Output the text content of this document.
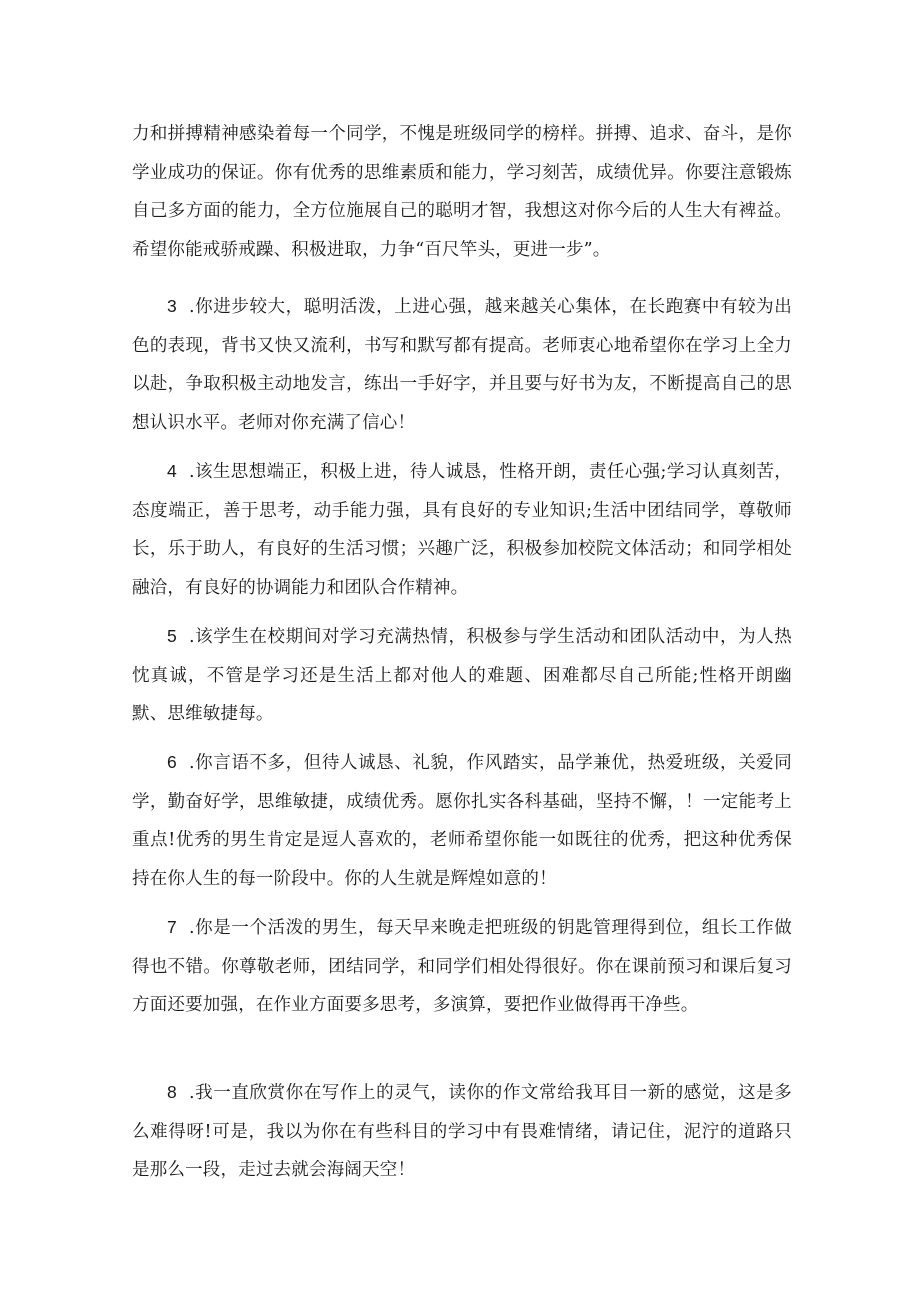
力和拼搏精神感染着每一个同学，不愧是班级同学的榜样。拼搏、追求、奋斗，是你学业成功的保证。你有优秀的思维素质和能力，学习刻苦，成绩优异。你要注意锻炼自己多方面的能力，全方位施展自己的聪明才智，我想这对你今后的人生大有裨益。希望你能戒骄戒躁、积极进取，力争“百尺竿头，更进一步”。

3 .你进步较大，聪明活泼，上进心强，越来越关心集体，在长跑赛中有较为出色的表现，背书又快又流利，书写和默写都有提高。老师衷心地希望你在学习上全力以赴，争取积极主动地发言，练出一手好字，并且要与好书为友，不断提高自己的思想认识水平。老师对你充满了信心！

4 .该生思想端正，积极上进，待人诚恳，性格开朗，责任心强;学习认真刻苦，态度端正，善于思考，动手能力强，具有良好的专业知识;生活中团结同学，尊敬师长，乐于助人，有良好的生活习惯；兴趣广泛，积极参加校院文体活动；和同学相处融洽，有良好的协调能力和团队合作精神。

5 .该学生在校期间对学习充满热情，积极参与学生活动和团队活动中，为人热忱真诚，不管是学习还是生活上都对他人的难题、困难都尽自己所能;性格开朗幽默、思维敏捷每。

6 .你言语不多，但待人诚恳、礼貌，作风踏实，品学兼优，热爱班级，关爱同学，勤奋好学，思维敏捷，成绩优秀。愿你扎实各科基础，坚持不懈，！一定能考上重点!优秀的男生肯定是逗人喜欢的，老师希望你能一如既往的优秀，把这种优秀保持在你人生的每一阶段中。你的人生就是辉煌如意的！

7 .你是一个活泼的男生，每天早来晚走把班级的钥匙管理得到位，组长工作做得也不错。你尊敬老师，团结同学，和同学们相处得很好。你在课前预习和课后复习方面还要加强，在作业方面要多思考，多演算，要把作业做得再干净些。

8 .我一直欣赏你在写作上的灵气，读你的作文常给我耳目一新的感觉，这是多么难得呀!可是，我以为你在有些科目的学习中有畏难情绪，请记住，泥泞的道路只是那么一段，走过去就会海阔天空！
